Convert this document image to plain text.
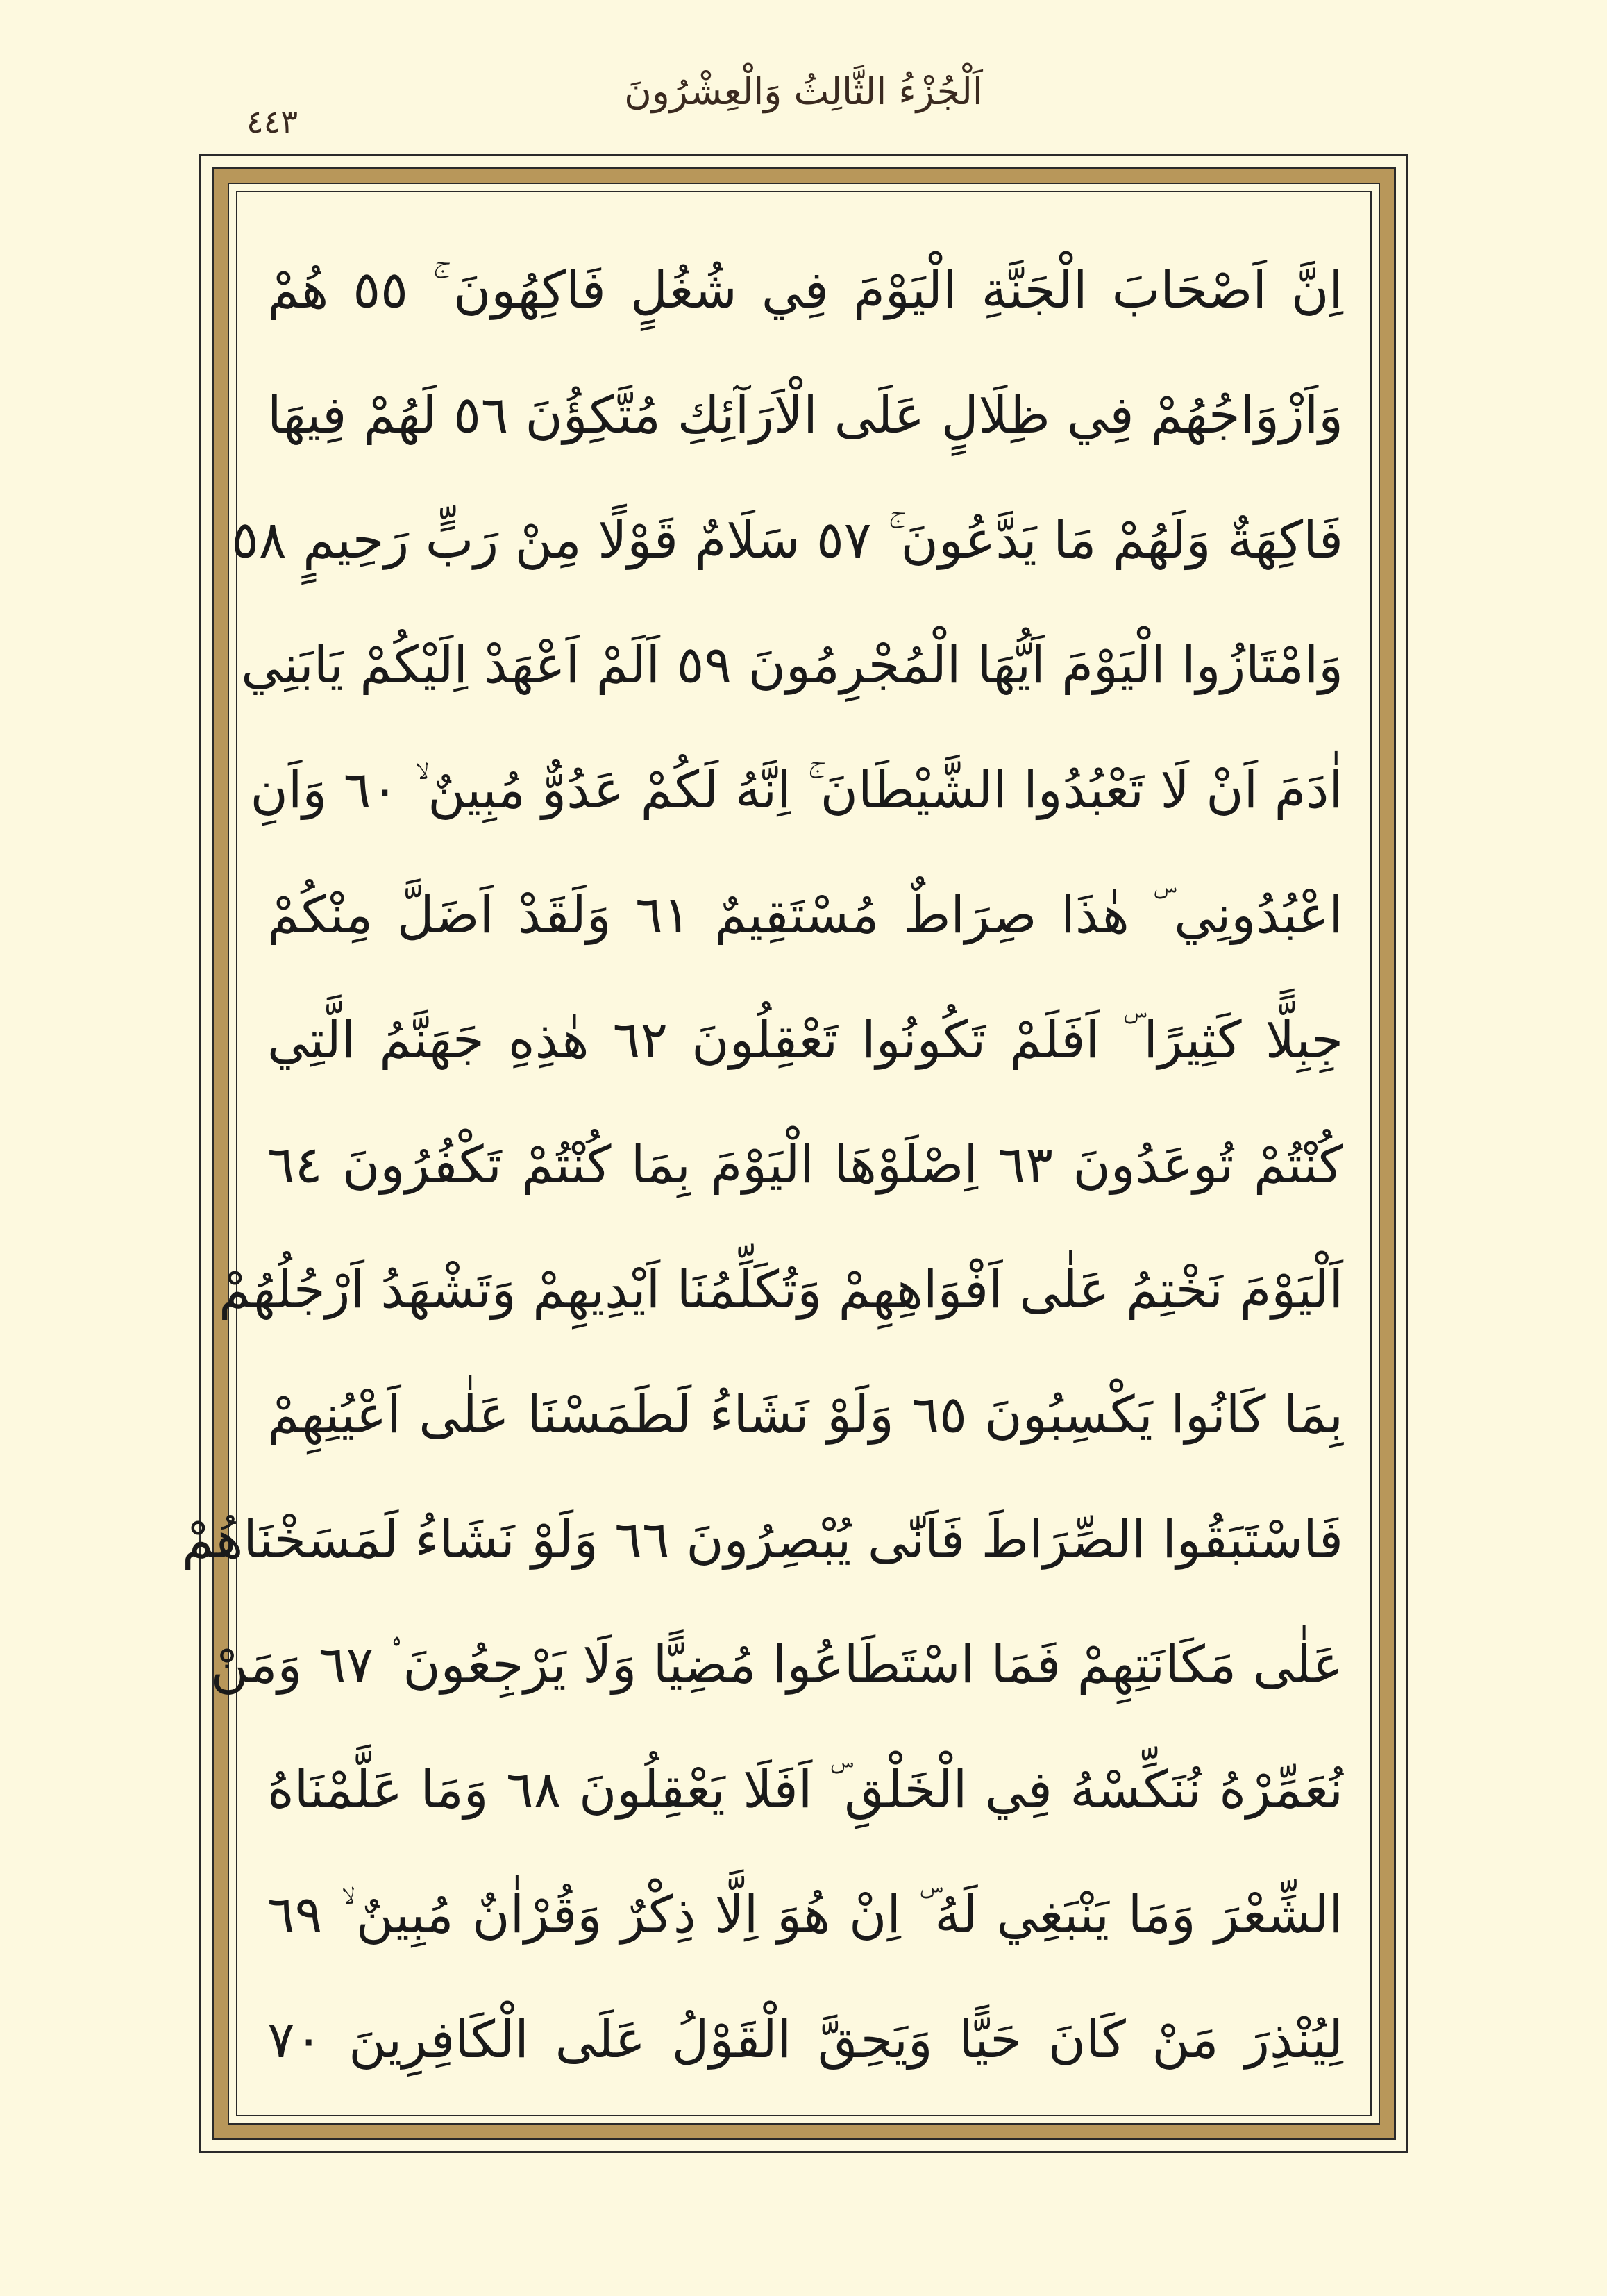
اَلْجُزْءُ الثَّالِثُ وَالْعِشْرُونَ
٤٤٣
اِنَّ اَصْحَابَ الْجَنَّةِ الْيَوْمَ فِي شُغُلٍ فَاكِهُونَ ۚ ٥٥ هُمْ
وَاَزْوَاجُهُمْ فِي ظِلَالٍ عَلَى الْاَرَآئِكِ مُتَّكِؤُنَ ٥٦ لَهُمْ فِيهَا
فَاكِهَةٌ وَلَهُمْ مَا يَدَّعُونَ ۚ ٥٧ سَلَامٌ قَوْلًا مِنْ رَبٍّ رَحِيمٍ ٥٨
وَامْتَازُوا الْيَوْمَ اَيُّهَا الْمُجْرِمُونَ ٥٩ اَلَمْ اَعْهَدْ اِلَيْكُمْ يَابَنِي
اٰدَمَ اَنْ لَا تَعْبُدُوا الشَّيْطَانَ ۚ اِنَّهُ لَكُمْ عَدُوٌّ مُبِينٌ ۙ ٦٠ وَاَنِ
اعْبُدُونِي ۜ هٰذَا صِرَاطٌ مُسْتَقِيمٌ ٦١ وَلَقَدْ اَضَلَّ مِنْكُمْ
جِبِلًّا كَثِيرًا ۜ اَفَلَمْ تَكُونُوا تَعْقِلُونَ ٦٢ هٰذِهِ جَهَنَّمُ الَّتِي
كُنْتُمْ تُوعَدُونَ ٦٣ اِصْلَوْهَا الْيَوْمَ بِمَا كُنْتُمْ تَكْفُرُونَ ٦٤
اَلْيَوْمَ نَخْتِمُ عَلٰى اَفْوَاهِهِمْ وَتُكَلِّمُنَا اَيْدِيهِمْ وَتَشْهَدُ اَرْجُلُهُمْ
بِمَا كَانُوا يَكْسِبُونَ ٦٥ وَلَوْ نَشَاءُ لَطَمَسْنَا عَلٰى اَعْيُنِهِمْ
فَاسْتَبَقُوا الصِّرَاطَ فَاَنّٰى يُبْصِرُونَ ٦٦ وَلَوْ نَشَاءُ لَمَسَخْنَاهُمْ
عَلٰى مَكَانَتِهِمْ فَمَا اسْتَطَاعُوا مُضِيًّا وَلَا يَرْجِعُونَ ۟ ٦٧ وَمَنْ
نُعَمِّرْهُ نُنَكِّسْهُ فِي الْخَلْقِ ۜ اَفَلَا يَعْقِلُونَ ٦٨ وَمَا عَلَّمْنَاهُ
الشِّعْرَ وَمَا يَنْبَغِي لَهُ ۜ اِنْ هُوَ اِلَّا ذِكْرٌ وَقُرْاٰنٌ مُبِينٌ ۙ ٦٩
لِيُنْذِرَ مَنْ كَانَ حَيًّا وَيَحِقَّ الْقَوْلُ عَلَى الْكَافِرِينَ ٧٠
